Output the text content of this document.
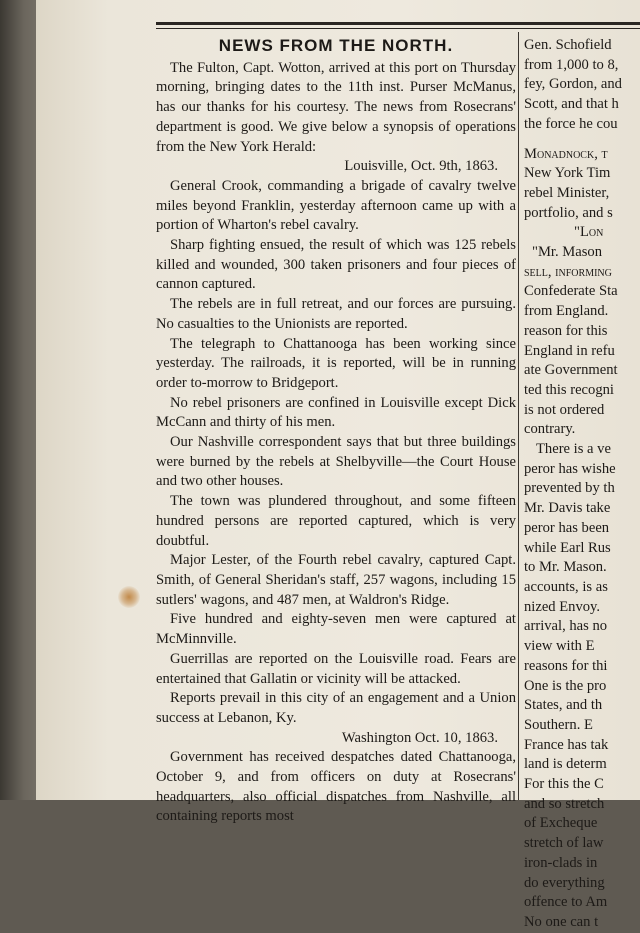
NEWS FROM THE NORTH.

The Fulton, Capt. Wotton, arrived at this port on Thursday morning, bringing dates to the 11th inst. Purser McManus, has our thanks for his courtesy. The news from Rosecrans' department is good. We give below a synopsis of operations from the New York Herald:

Louisville, Oct. 9th, 1863.

General Crook, commanding a brigade of cavalry twelve miles beyond Franklin, yesterday afternoon came up with a portion of Wharton's rebel cavalry.

Sharp fighting ensued, the result of which was 125 rebels killed and wounded, 300 taken prisoners and four pieces of cannon captured.

The rebels are in full retreat, and our forces are pursuing. No casualties to the Unionists are reported.

The telegraph to Chattanooga has been working since yesterday. The railroads, it is reported, will be in running order to-morrow to Bridgeport.

No rebel prisoners are confined in Louisville except Dick McCann and thirty of his men.

Our Nashville correspondent says that but three buildings were burned by the rebels at Shelbyville—the Court House and two other houses.

The town was plundered throughout, and some fifteen hundred persons are reported captured, which is very doubtful.

Major Lester, of the Fourth rebel cavalry, captured Capt. Smith, of General Sheridan's staff, 257 wagons, including 15 sutlers' wagons, and 487 men, at Waldron's Ridge.

Five hundred and eighty-seven men were captured at McMinnville.

Guerrillas are reported on the Louisville road. Fears are entertained that Gallatin or vicinity will be attacked.

Reports prevail in this city of an engagement and a Union success at Lebanon, Ky.

Washington Oct. 10, 1863.

Government has received despatches dated Chattanooga, October 9, and from officers on duty at Rosecrans' headquarters, also official dispatches from Nashville, all containing reports most

Gen. Schofield
from 1,000 to 8,
fey, Gordon, and
Scott, and that h
the force he cou
Monadnock, t
New York Tim
rebel Minister,
portfolio, and s
"Lon
"Mr. Mason
sell, informing
Confederate Sta
from England.
reason for this
England in refu
ate Government
ted this recogni
is not ordered
contrary.
There is a ve
peror has wishe
prevented by th
Mr. Davis take
peror has been
while Earl Rus
to Mr. Mason.
accounts, is as
nized Envoy.
arrival, has no
view with E
reasons for thi
One is the pro
States, and th
Southern. E
France has tak
land is determ
For this the C
and so stretch
of Excheque
stretch of law
iron-clads in
do everything
offence to Am
No one can t
